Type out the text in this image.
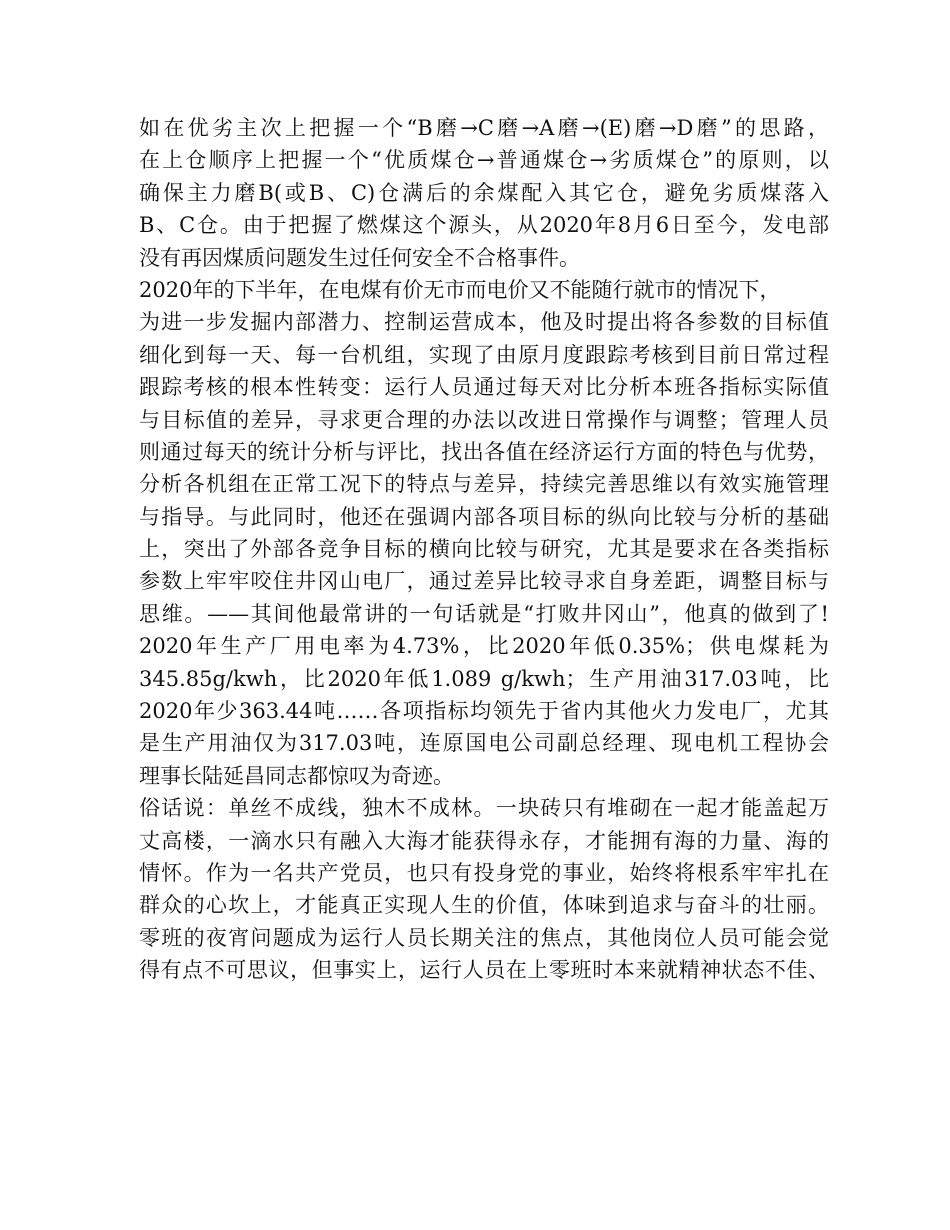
如在优劣主次上把握一个“B磨→C磨→A磨→(E)磨→D磨”的思路，
在上仓顺序上把握一个“优质煤仓→普通煤仓→劣质煤仓”的原则，以
确保主力磨B(或B、C)仓满后的余煤配入其它仓，避免劣质煤落入
B、C仓。由于把握了燃煤这个源头，从2020年8月6日至今，发电部
没有再因煤质问题发生过任何安全不合格事件。
2020年的下半年，在电煤有价无市而电价又不能随行就市的情况下，
为进一步发掘内部潜力、控制运营成本，他及时提出将各参数的目标值
细化到每一天、每一台机组，实现了由原月度跟踪考核到目前日常过程
跟踪考核的根本性转变：运行人员通过每天对比分析本班各指标实际值
与目标值的差异，寻求更合理的办法以改进日常操作与调整；管理人员
则通过每天的统计分析与评比，找出各值在经济运行方面的特色与优势，
分析各机组在正常工况下的特点与差异，持续完善思维以有效实施管理
与指导。与此同时，他还在强调内部各项目标的纵向比较与分析的基础
上，突出了外部各竞争目标的横向比较与研究，尤其是要求在各类指标
参数上牢牢咬住井冈山电厂，通过差异比较寻求自身差距，调整目标与
思维。——其间他最常讲的一句话就是“打败井冈山”，他真的做到了!
2020年生产厂用电率为4.73%，比2020年低0.35%；供电煤耗为
345.85g/kwh，比2020年低1.089 g/kwh；生产用油317.03吨，比
2020年少363.44吨……各项指标均领先于省内其他火力发电厂，尤其
是生产用油仅为317.03吨，连原国电公司副总经理、现电机工程协会
理事长陆延昌同志都惊叹为奇迹。
俗话说：单丝不成线，独木不成林。一块砖只有堆砌在一起才能盖起万
丈高楼，一滴水只有融入大海才能获得永存，才能拥有海的力量、海的
情怀。作为一名共产党员，也只有投身党的事业，始终将根系牢牢扎在
群众的心坎上，才能真正实现人生的价值，体味到追求与奋斗的壮丽。
零班的夜宵问题成为运行人员长期关注的焦点，其他岗位人员可能会觉
得有点不可思议，但事实上，运行人员在上零班时本来就精神状态不佳、
